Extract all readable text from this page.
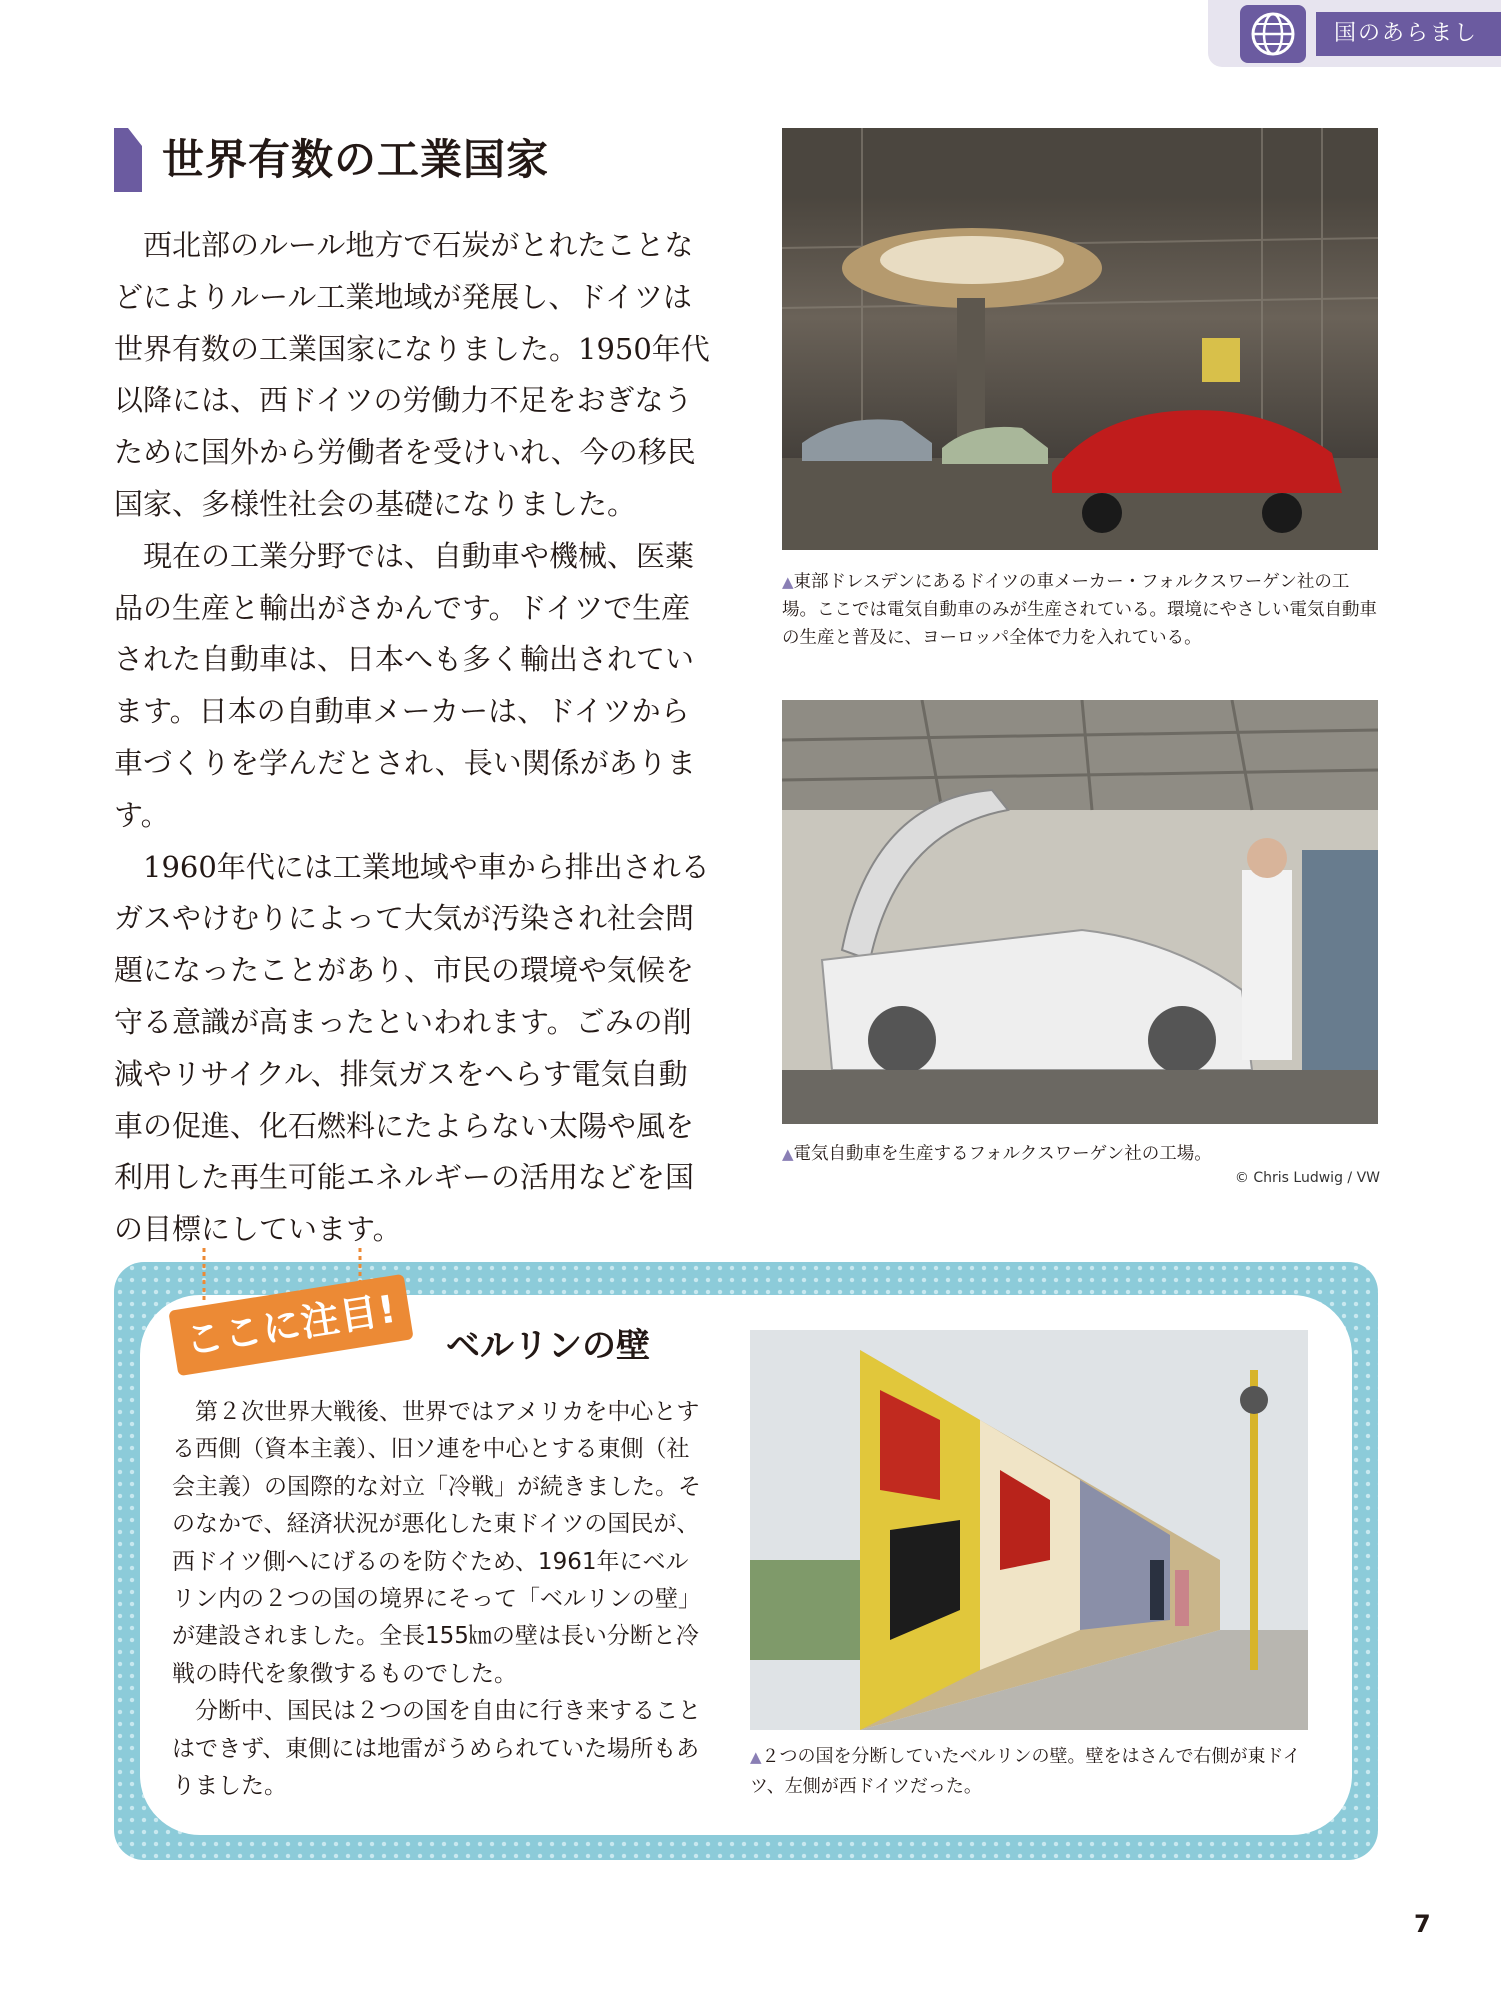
国のあらまし
世界有数の工業国家

西北部のルール地方で石炭がとれたことなどによりルール工業地域が発展し、ドイツは世界有数の工業国家になりました。1950年代以降には、西ドイツの労働力不足をおぎなうために国外から労働者を受けいれ、今の移民国家、多様性社会の基礎になりました。

現在の工業分野では、自動車や機械、医薬品の生産と輸出がさかんです。ドイツで生産された自動車は、日本へも多く輸出されています。日本の自動車メーカーは、ドイツから車づくりを学んだとされ、長い関係があります。

1960年代には工業地域や車から排出されるガスやけむりによって大気が汚染され社会問題になったことがあり、市民の環境や気候を守る意識が高まったといわれます。ごみの削減やリサイクル、排気ガスをへらす電気自動車の促進、化石燃料にたよらない太陽や風を利用した再生可能エネルギーの活用などを国の目標にしています。

▲東部ドレスデンにあるドイツの車メーカー・フォルクスワーゲン社の工場。ここでは電気自動車のみが生産されている。環境にやさしい電気自動車の生産と普及に、ヨーロッパ全体で力を入れている。
▲電気自動車を生産するフォルクスワーゲン社の工場。
© Chris Ludwig / VW
ここに注目!	ベルリンの壁

第２次世界大戦後、世界ではアメリカを中心とする西側（資本主義）、旧ソ連を中心とする東側（社会主義）の国際的な対立「冷戦」が続きました。そのなかで、経済状況が悪化した東ドイツの国民が、西ドイツ側へにげるのを防ぐため、1961年にベルリン内の２つの国の境界にそって「ベルリンの壁」が建設されました。全長155㎞の壁は長い分断と冷戦の時代を象徴するものでした。

分断中、国民は２つの国を自由に行き来することはできず、東側には地雷がうめられていた場所もありました。

▲２つの国を分断していたベルリンの壁。壁をはさんで右側が東ドイツ、左側が西ドイツだった。
7
